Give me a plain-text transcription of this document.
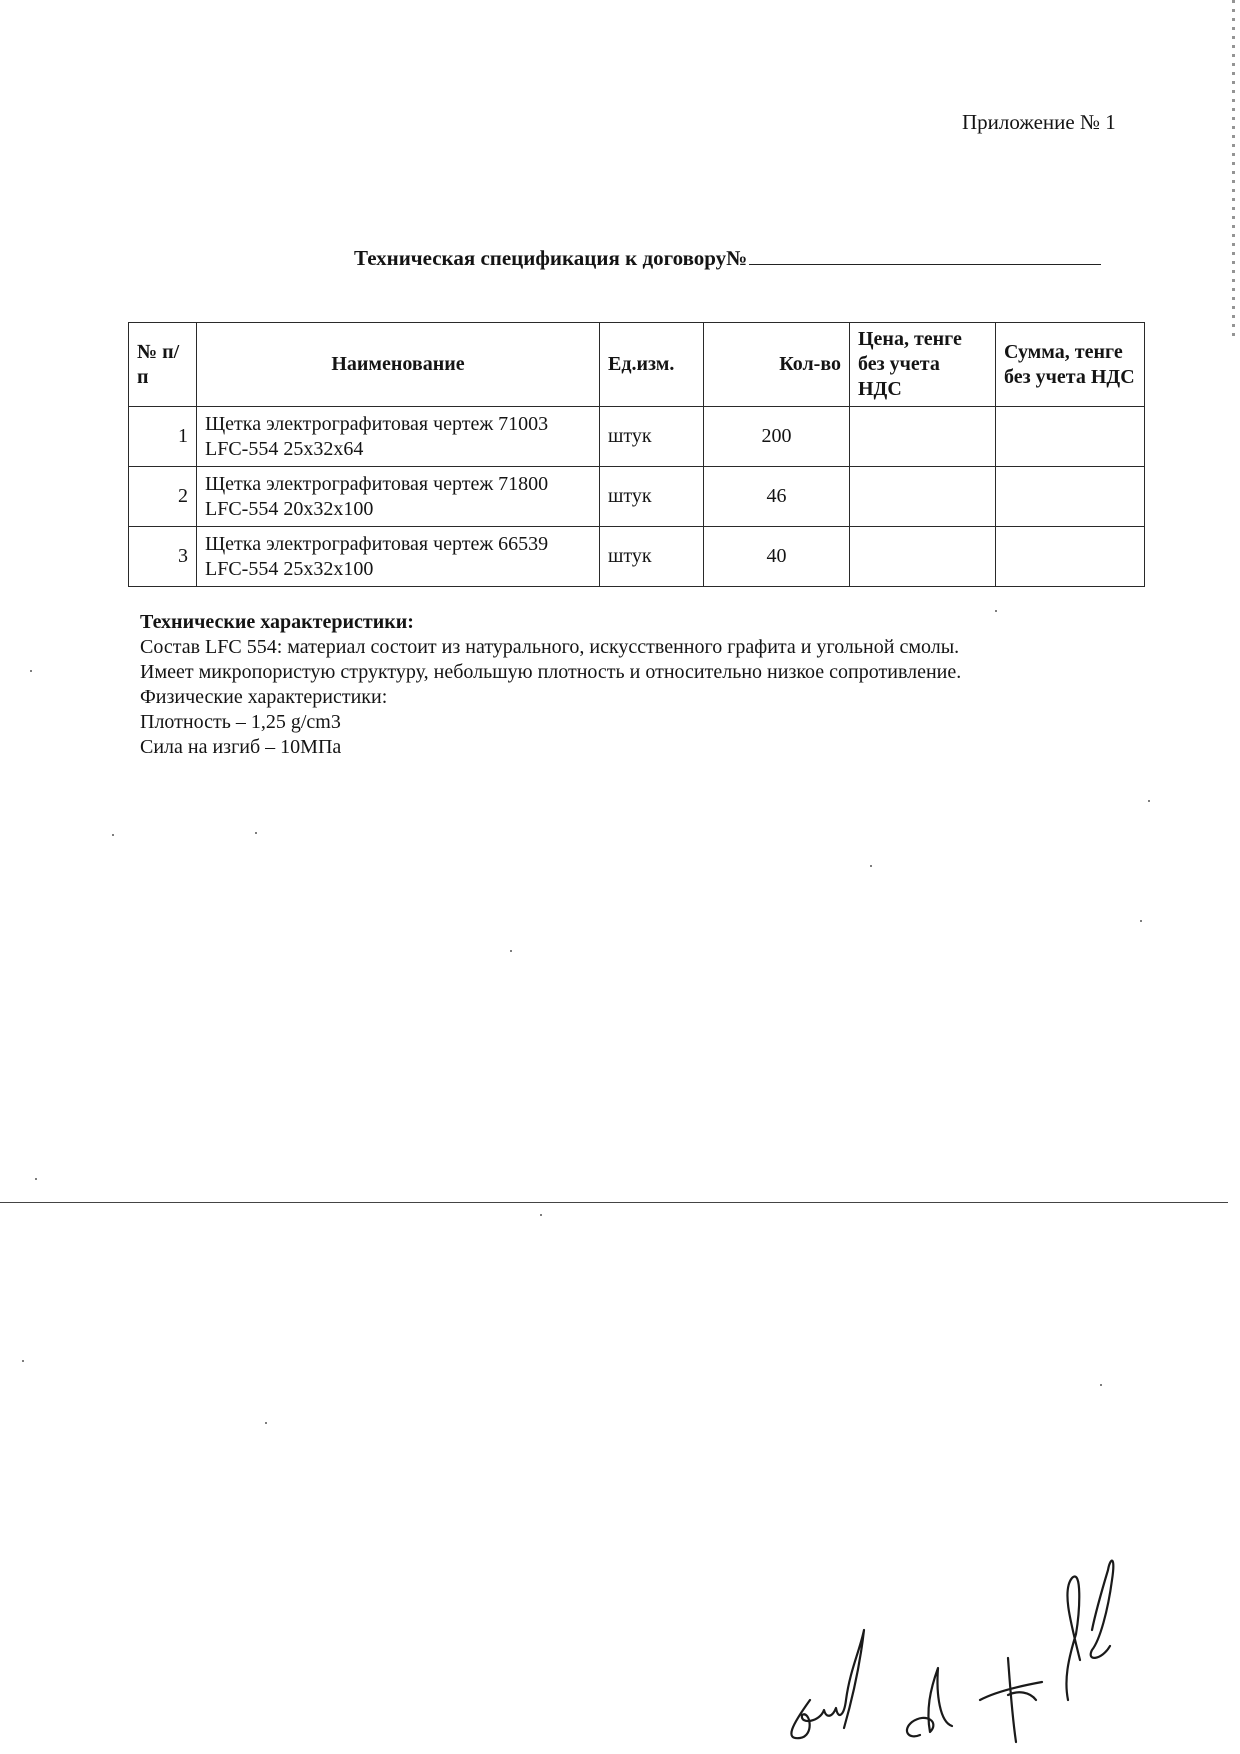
Приложение № 1
Техническая спецификация к договору№
№ п/п	Наименование	Ед.изм.	Кол-во	Цена, тенге без учета НДС	Сумма, тенге без учета НДС
1	Щетка электрографитовая чертеж 71003 LFC-554 25x32x64	штук	200		
2	Щетка электрографитовая чертеж 71800 LFC-554 20x32x100	штук	46		
3	Щетка электрографитовая чертеж 66539 LFC-554 25x32x100	штук	40		
Технические характеристики:
Состав LFC 554: материал состоит из натурального, искусственного графита и угольной смолы.
Имеет микропористую структуру, небольшую плотность и относительно низкое сопротивление.
Физические характеристики:
Плотность – 1,25 g/cm3
Сила на изгиб – 10МПа
